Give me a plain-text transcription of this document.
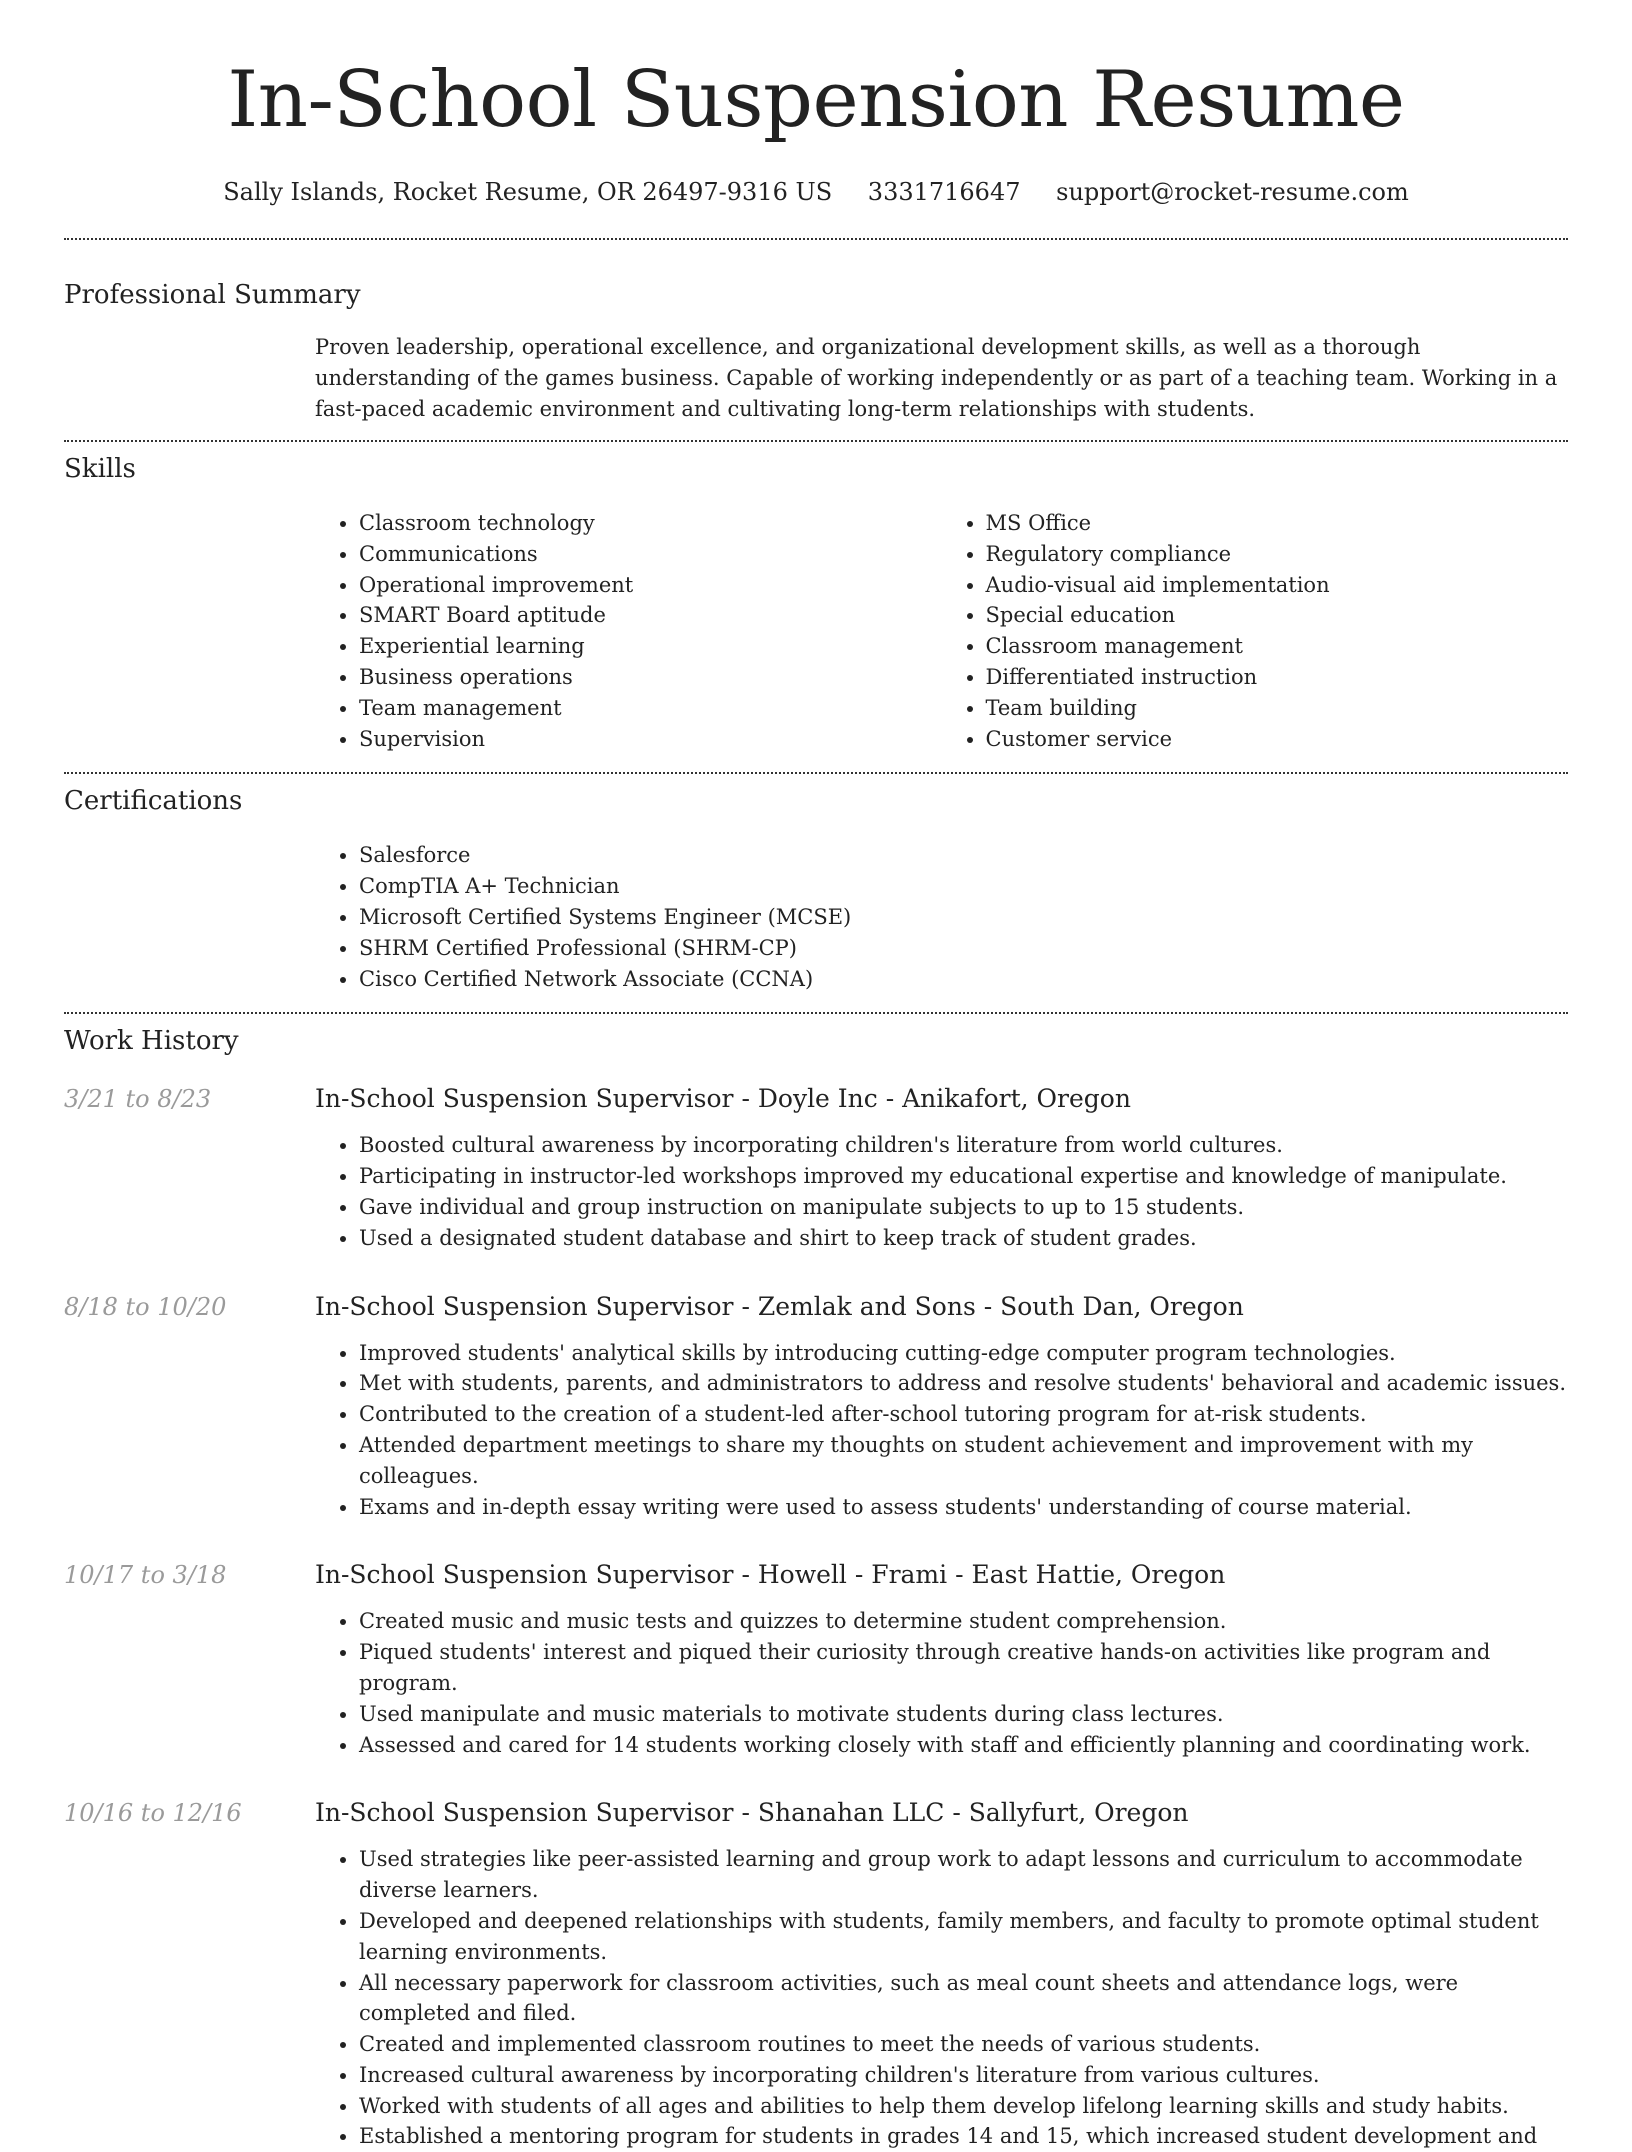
In-School Suspension Resume
Sally Islands, Rocket Resume, OR 26497-9316 US 3331716647 support@rocket-resume.com
Professional Summary

Proven leadership, operational excellence, and organizational development skills, as well as a thorough understanding of the games business. Capable of working independently or as part of a teaching team. Working in a fast-paced academic environment and cultivating long-term relationships with students.

Skills
• Classroom technology
• Communications
• Operational improvement
• SMART Board aptitude
• Experiential learning
• Business operations
• Team management
• Supervision
• MS Office
• Regulatory compliance
• Audio-visual aid implementation
• Special education
• Classroom management
• Differentiated instruction
• Team building
• Customer service
Certifications
• Salesforce
• CompTIA A+ Technician
• Microsoft Certified Systems Engineer (MCSE)
• SHRM Certified Professional (SHRM-CP)
• Cisco Certified Network Associate (CCNA)
Work History
3/21 to 8/23	In-School Suspension Supervisor - Doyle Inc - Anikafort, Oregon
• Boosted cultural awareness by incorporating children's literature from world cultures.
• Participating in instructor-led workshops improved my educational expertise and knowledge of manipulate.
• Gave individual and group instruction on manipulate subjects to up to 15 students.
• Used a designated student database and shirt to keep track of student grades.
8/18 to 10/20	In-School Suspension Supervisor - Zemlak and Sons - South Dan, Oregon
• Improved students' analytical skills by introducing cutting-edge computer program technologies.
• Met with students, parents, and administrators to address and resolve students' behavioral and academic issues.
• Contributed to the creation of a student-led after-school tutoring program for at-risk students.
• Attended department meetings to share my thoughts on student achievement and improvement with my colleagues.
• Exams and in-depth essay writing were used to assess students' understanding of course material.
10/17 to 3/18	In-School Suspension Supervisor - Howell - Frami - East Hattie, Oregon
• Created music and music tests and quizzes to determine student comprehension.
• Piqued students' interest and piqued their curiosity through creative hands-on activities like program and program.
• Used manipulate and music materials to motivate students during class lectures.
• Assessed and cared for 14 students working closely with staff and efficiently planning and coordinating work.
10/16 to 12/16	In-School Suspension Supervisor - Shanahan LLC - Sallyfurt, Oregon
• Used strategies like peer-assisted learning and group work to adapt lessons and curriculum to accommodate diverse learners.
• Developed and deepened relationships with students, family members, and faculty to promote optimal student learning environments.
• All necessary paperwork for classroom activities, such as meal count sheets and attendance logs, were completed and filed.
• Created and implemented classroom routines to meet the needs of various students.
• Increased cultural awareness by incorporating children's literature from various cultures.
• Worked with students of all ages and abilities to help them develop lifelong learning skills and study habits.
• Established a mentoring program for students in grades 14 and 15, which increased student development and
